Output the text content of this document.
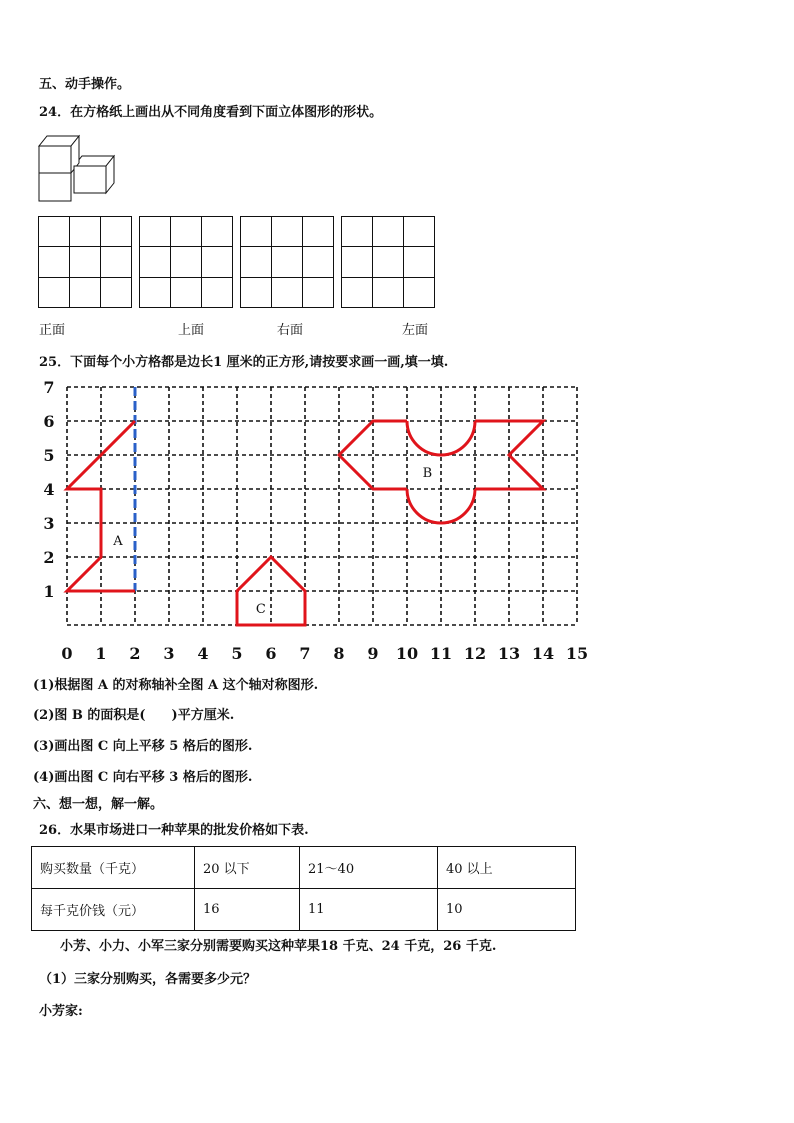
五、动手操作。
24．在方格纸上画出从不同角度看到下面立体图形的形状。
正面	上面	右面	左面
25．下面每个小方格都是边长1 厘米的正方形,请按要求画一画,填一填.
1
2
3
4
5
6
7
0 1 2 3 4 5 6 7 8 9 10 11 12 13 14 15
A
B
C
(1)根据图 A 的对称轴补全图 A 这个轴对称图形.
(2)图 B 的面积是(　　)平方厘米.
(3)画出图 C 向上平移 5 格后的图形.
(4)画出图 C 向右平移 3 格后的图形.
六、想一想，解一解。
26．水果市场进口一种苹果的批发价格如下表.
购买数量（千克）	20 以下	21～40	40 以上
每千克价钱（元）	16	11	10
小芳、小力、小军三家分别需要购买这种苹果18 千克、24 千克，26 千克.
（1）三家分别购买，各需要多少元？
小芳家:
